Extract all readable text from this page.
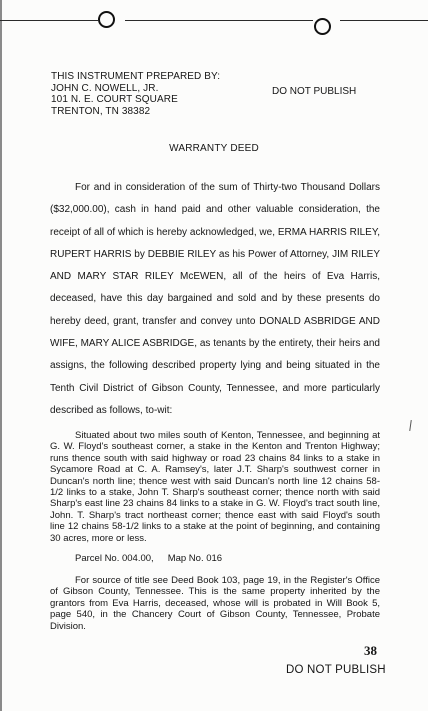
THIS INSTRUMENT PREPARED BY:
JOHN C. NOWELL, JR.
101 N. E. COURT SQUARE
TRENTON, TN 38382
DO NOT PUBLISH
WARRANTY DEED

For and in consideration of the sum of Thirty-two Thousand Dollars ($32,000.00), cash in hand paid and other valuable consideration, the receipt of all of which is hereby acknowledged, we, ERMA HARRIS RILEY, RUPERT HARRIS by DEBBIE RILEY as his Power of Attorney, JIM RILEY AND MARY STAR RILEY McEWEN, all of the heirs of Eva Harris, deceased, have this day bargained and sold and by these presents do hereby deed, grant, transfer and convey unto DONALD ASBRIDGE AND WIFE, MARY ALICE ASBRIDGE, as tenants by the entirety, their heirs and assigns, the following described property lying and being situated in the Tenth Civil District of Gibson County, Tennessee, and more particularly described as follows, to-wit:

Situated about two miles south of Kenton, Tennessee, and beginning at G. W. Floyd's southeast corner, a stake in the Kenton and Trenton Highway; runs thence south with said highway or road 23 chains 84 links to a stake in Sycamore Road at C. A. Ramsey's, later J.T. Sharp's southwest corner in Duncan's north line; thence west with said Duncan's north line 12 chains 58-1/2 links to a stake, John T. Sharp's southeast corner; thence north with said Sharp's east line 23 chains 84 links to a stake in G. W. Floyd's tract south line, John. T. Sharp's tract northeast corner; thence east with said Floyd's south line 12 chains 58-1/2 links to a stake at the point of beginning, and containing 30 acres, more or less.

Parcel No. 004.00, Map No. 016

For source of title see Deed Book 103, page 19, in the Register's Office of Gibson County, Tennessee. This is the same property inherited by the grantors from Eva Harris, deceased, whose will is probated in Will Book 5, page 540, in the Chancery Court of Gibson County, Tennessee, Probate Division.

38
DO NOT PUBLISH
